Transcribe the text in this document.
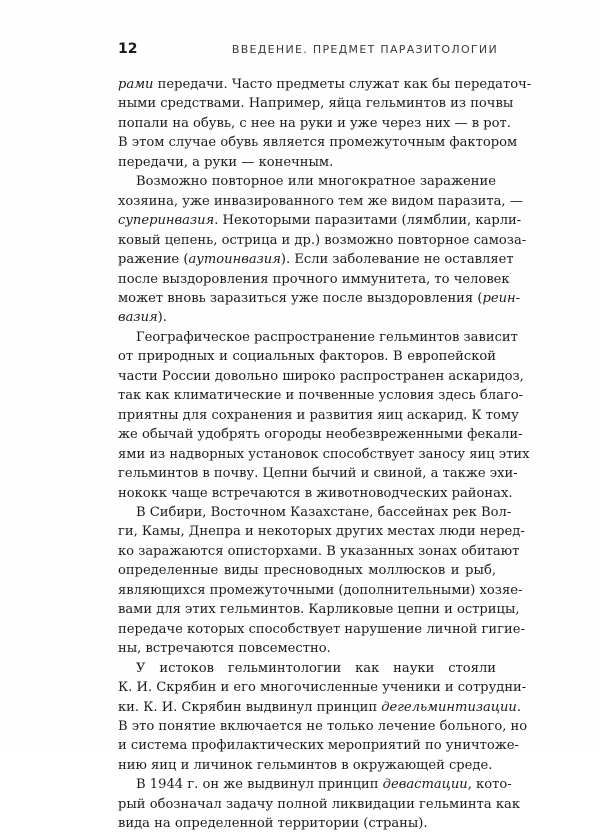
12	ВВЕДЕНИЕ. ПРЕДМЕТ ПАРАЗИТОЛОГИИ
рами передачи. Часто предметы служат как бы передаточ-
ными средствами. Например, яйца гельминтов из почвы
попали на обувь, с нее на руки и уже через них — в рот.
В этом случае обувь является промежуточным фактором
передачи, а руки — конечным.
Возможно повторное или многократное заражение
хозяина, уже инвазированного тем же видом паразита, —
суперинвазия. Некоторыми паразитами (лямблии, карли-
ковый цепень, острица и др.) возможно повторное самоза-
ражение (аутоинвазия). Если заболевание не оставляет
после выздоровления прочного иммунитета, то человек
может вновь заразиться уже после выздоровления (реин-
вазия).
Географическое распространение гельминтов зависит
от природных и социальных факторов. В европейской
части России довольно широко распространен аскаридоз,
так как климатические и почвенные условия здесь благо-
приятны для сохранения и развития яиц аскарид. К тому
же обычай удобрять огороды необезвреженными фекали-
ями из надворных установок способствует заносу яиц этих
гельминтов в почву. Цепни бычий и свиной, а также эхи-
нококк чаще встречаются в животноводческих районах.
В Сибири, Восточном Казахстане, бассейнах рек Вол-
ги, Камы, Днепра и некоторых других местах люди неред-
ко заражаются описторхами. В указанных зонах обитают
определенные виды пресноводных моллюсков и рыб,
являющихся промежуточными (дополнительными) хозяе-
вами для этих гельминтов. Карликовые цепни и острицы,
передаче которых способствует нарушение личной гигие-
ны, встречаются повсеместно.
У истоков гельминтологии как науки стояли
К. И. Скрябин и его многочисленные ученики и сотрудни-
ки. К. И. Скрябин выдвинул принцип дегельминтизации.
В это понятие включается не только лечение больного, но
и система профилактических мероприятий по уничтоже-
нию яиц и личинок гельминтов в окружающей среде.
В 1944 г. он же выдвинул принцип девастации, кото-
рый обозначал задачу полной ликвидации гельминта как
вида на определенной территории (страны).
